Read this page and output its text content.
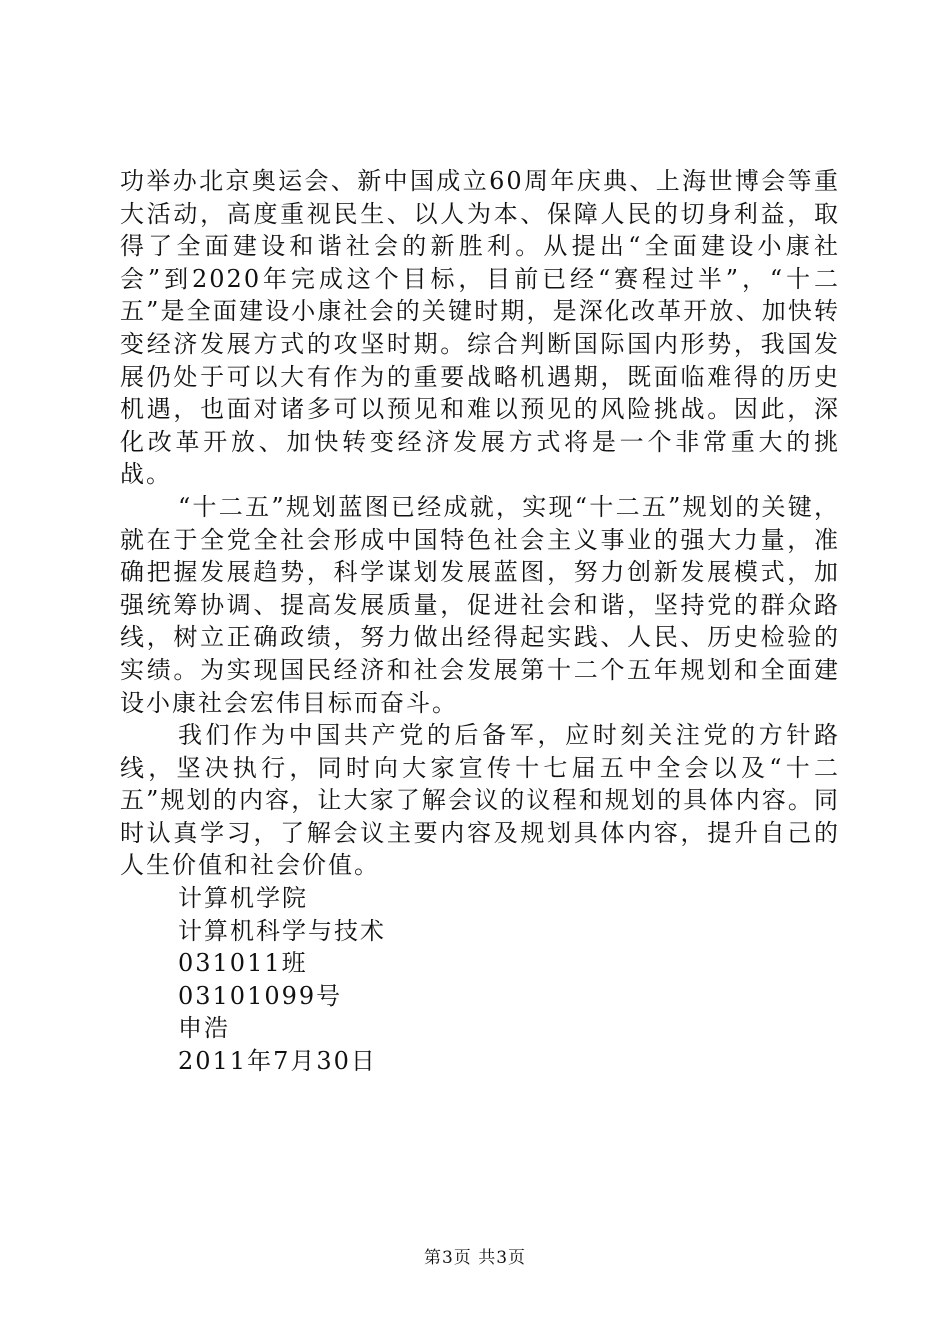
功举办北京奥运会、新中国成立60周年庆典、上海世博会等重大活动，高度重视民生、以人为本、保障人民的切身利益，取得了全面建设和谐社会的新胜利。从提出“全面建设小康社会”到2020年完成这个目标，目前已经“赛程过半”，“十二五”是全面建设小康社会的关键时期，是深化改革开放、加快转变经济发展方式的攻坚时期。综合判断国际国内形势，我国发展仍处于可以大有作为的重要战略机遇期，既面临难得的历史机遇，也面对诸多可以预见和难以预见的风险挑战。因此，深化改革开放、加快转变经济发展方式将是一个非常重大的挑战。

“十二五”规划蓝图已经成就，实现“十二五”规划的关键，就在于全党全社会形成中国特色社会主义事业的强大力量，准确把握发展趋势，科学谋划发展蓝图，努力创新发展模式，加强统筹协调、提高发展质量，促进社会和谐，坚持党的群众路线，树立正确政绩，努力做出经得起实践、人民、历史检验的实绩。为实现国民经济和社会发展第十二个五年规划和全面建设小康社会宏伟目标而奋斗。

我们作为中国共产党的后备军，应时刻关注党的方针路线，坚决执行，同时向大家宣传十七届五中全会以及“十二五”规划的内容，让大家了解会议的议程和规划的具体内容。同时认真学习，了解会议主要内容及规划具体内容，提升自己的人生价值和社会价值。

计算机学院

计算机科学与技术

031011班

03101099号

申浩

2011年7月30日

第3页 共3页
